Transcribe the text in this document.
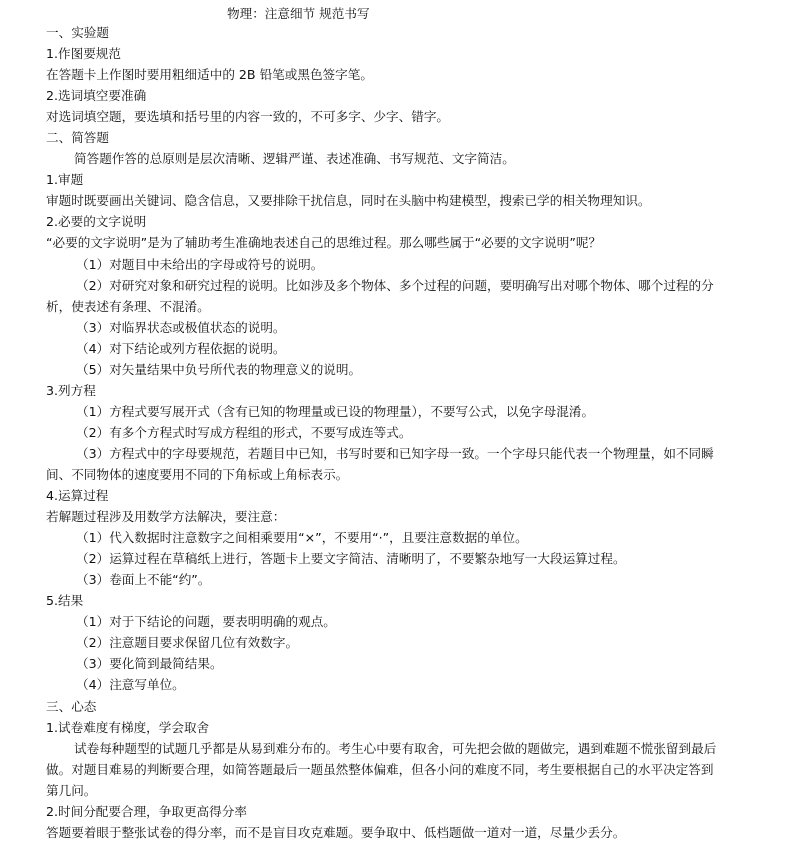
物理：注意细节 规范书写
一、实验题
1.作图要规范
在答题卡上作图时要用粗细适中的 2B 铅笔或黑色签字笔。
2.选词填空要准确
对选词填空题，要选填和括号里的内容一致的，不可多字、少字、错字。
二、简答题
简答题作答的总原则是层次清晰、逻辑严谨、表述准确、书写规范、文字简洁。
1.审题
审题时既要画出关键词、隐含信息，又要排除干扰信息，同时在头脑中构建模型，搜索已学的相关物理知识。
2.必要的文字说明
“必要的文字说明”是为了辅助考生准确地表述自己的思维过程。那么哪些属于“必要的文字说明”呢？
（1）对题目中未给出的字母或符号的说明。
（2）对研究对象和研究过程的说明。比如涉及多个物体、多个过程的问题，要明确写出对哪个物体、哪个过程的分
析，使表述有条理、不混淆。
（3）对临界状态或极值状态的说明。
（4）对下结论或列方程依据的说明。
（5）对矢量结果中负号所代表的物理意义的说明。
3.列方程
（1）方程式要写展开式（含有已知的物理量或已设的物理量），不要写公式，以免字母混淆。
（2）有多个方程式时写成方程组的形式，不要写成连等式。
（3）方程式中的字母要规范，若题目中已知，书写时要和已知字母一致。一个字母只能代表一个物理量，如不同瞬
间、不同物体的速度要用不同的下角标或上角标表示。
4.运算过程
若解题过程涉及用数学方法解决，要注意：
（1）代入数据时注意数字之间相乘要用“×”，不要用“·”，且要注意数据的单位。
（2）运算过程在草稿纸上进行，答题卡上要文字简洁、清晰明了，不要繁杂地写一大段运算过程。
（3）卷面上不能“约”。
5.结果
（1）对于下结论的问题，要表明明确的观点。
（2）注意题目要求保留几位有效数字。
（3）要化简到最简结果。
（4）注意写单位。
三、心态
1.试卷难度有梯度，学会取舍
试卷每种题型的试题几乎都是从易到难分布的。考生心中要有取舍，可先把会做的题做完，遇到难题不慌张留到最后
做。对题目难易的判断要合理，如简答题最后一题虽然整体偏难，但各小问的难度不同，考生要根据自己的水平决定答到
第几问。
2.时间分配要合理，争取更高得分率
答题要着眼于整张试卷的得分率，而不是盲目攻克难题。要争取中、低档题做一道对一道，尽量少丢分。
